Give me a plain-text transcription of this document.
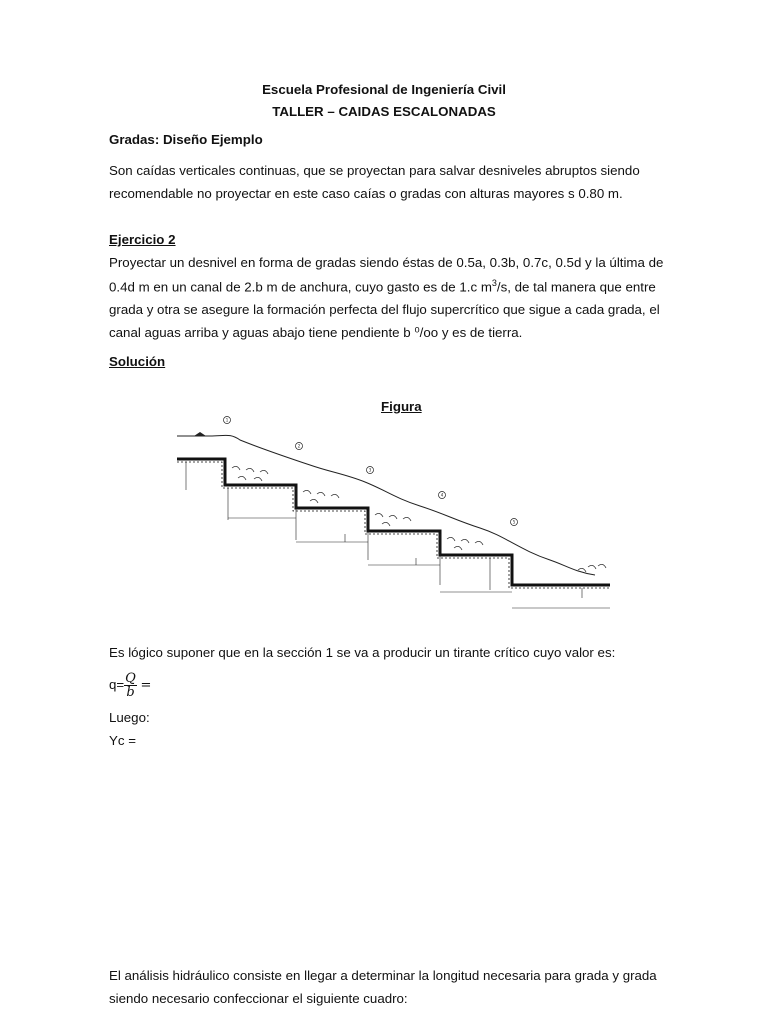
Escuela Profesional de Ingeniería Civil
TALLER – CAIDAS ESCALONADAS
Gradas: Diseño Ejemplo
Son caídas verticales continuas, que se proyectan para salvar desniveles abruptos siendo
recomendable no proyectar en este caso caías o gradas con alturas mayores s 0.80 m.
Ejercicio 2
Proyectar un desnivel en forma de gradas siendo éstas de 0.5a, 0.3b, 0.7c, 0.5d y la última de
0.4d m en un canal de 2.b m de anchura, cuyo gasto es de 1.c $m^3/s$, de tal manera que entre
grada y otra se asegure la formación perfecta del flujo supercrítico que sigue a cada grada, el
canal aguas arriba y aguas abajo tiene pendiente b ⁰/oo y es de tierra.
Solución
Figura
1
2
3
4
5
Es lógico suponer que en la sección 1 se va a producir un tirante crítico cuyo valor es:
$q= \frac{Q}{b}$ =
Luego:
Yc =
El análisis hidráulico consiste en llegar a determinar la longitud necesaria para grada y grada
siendo necesario confeccionar el siguiente cuadro:
